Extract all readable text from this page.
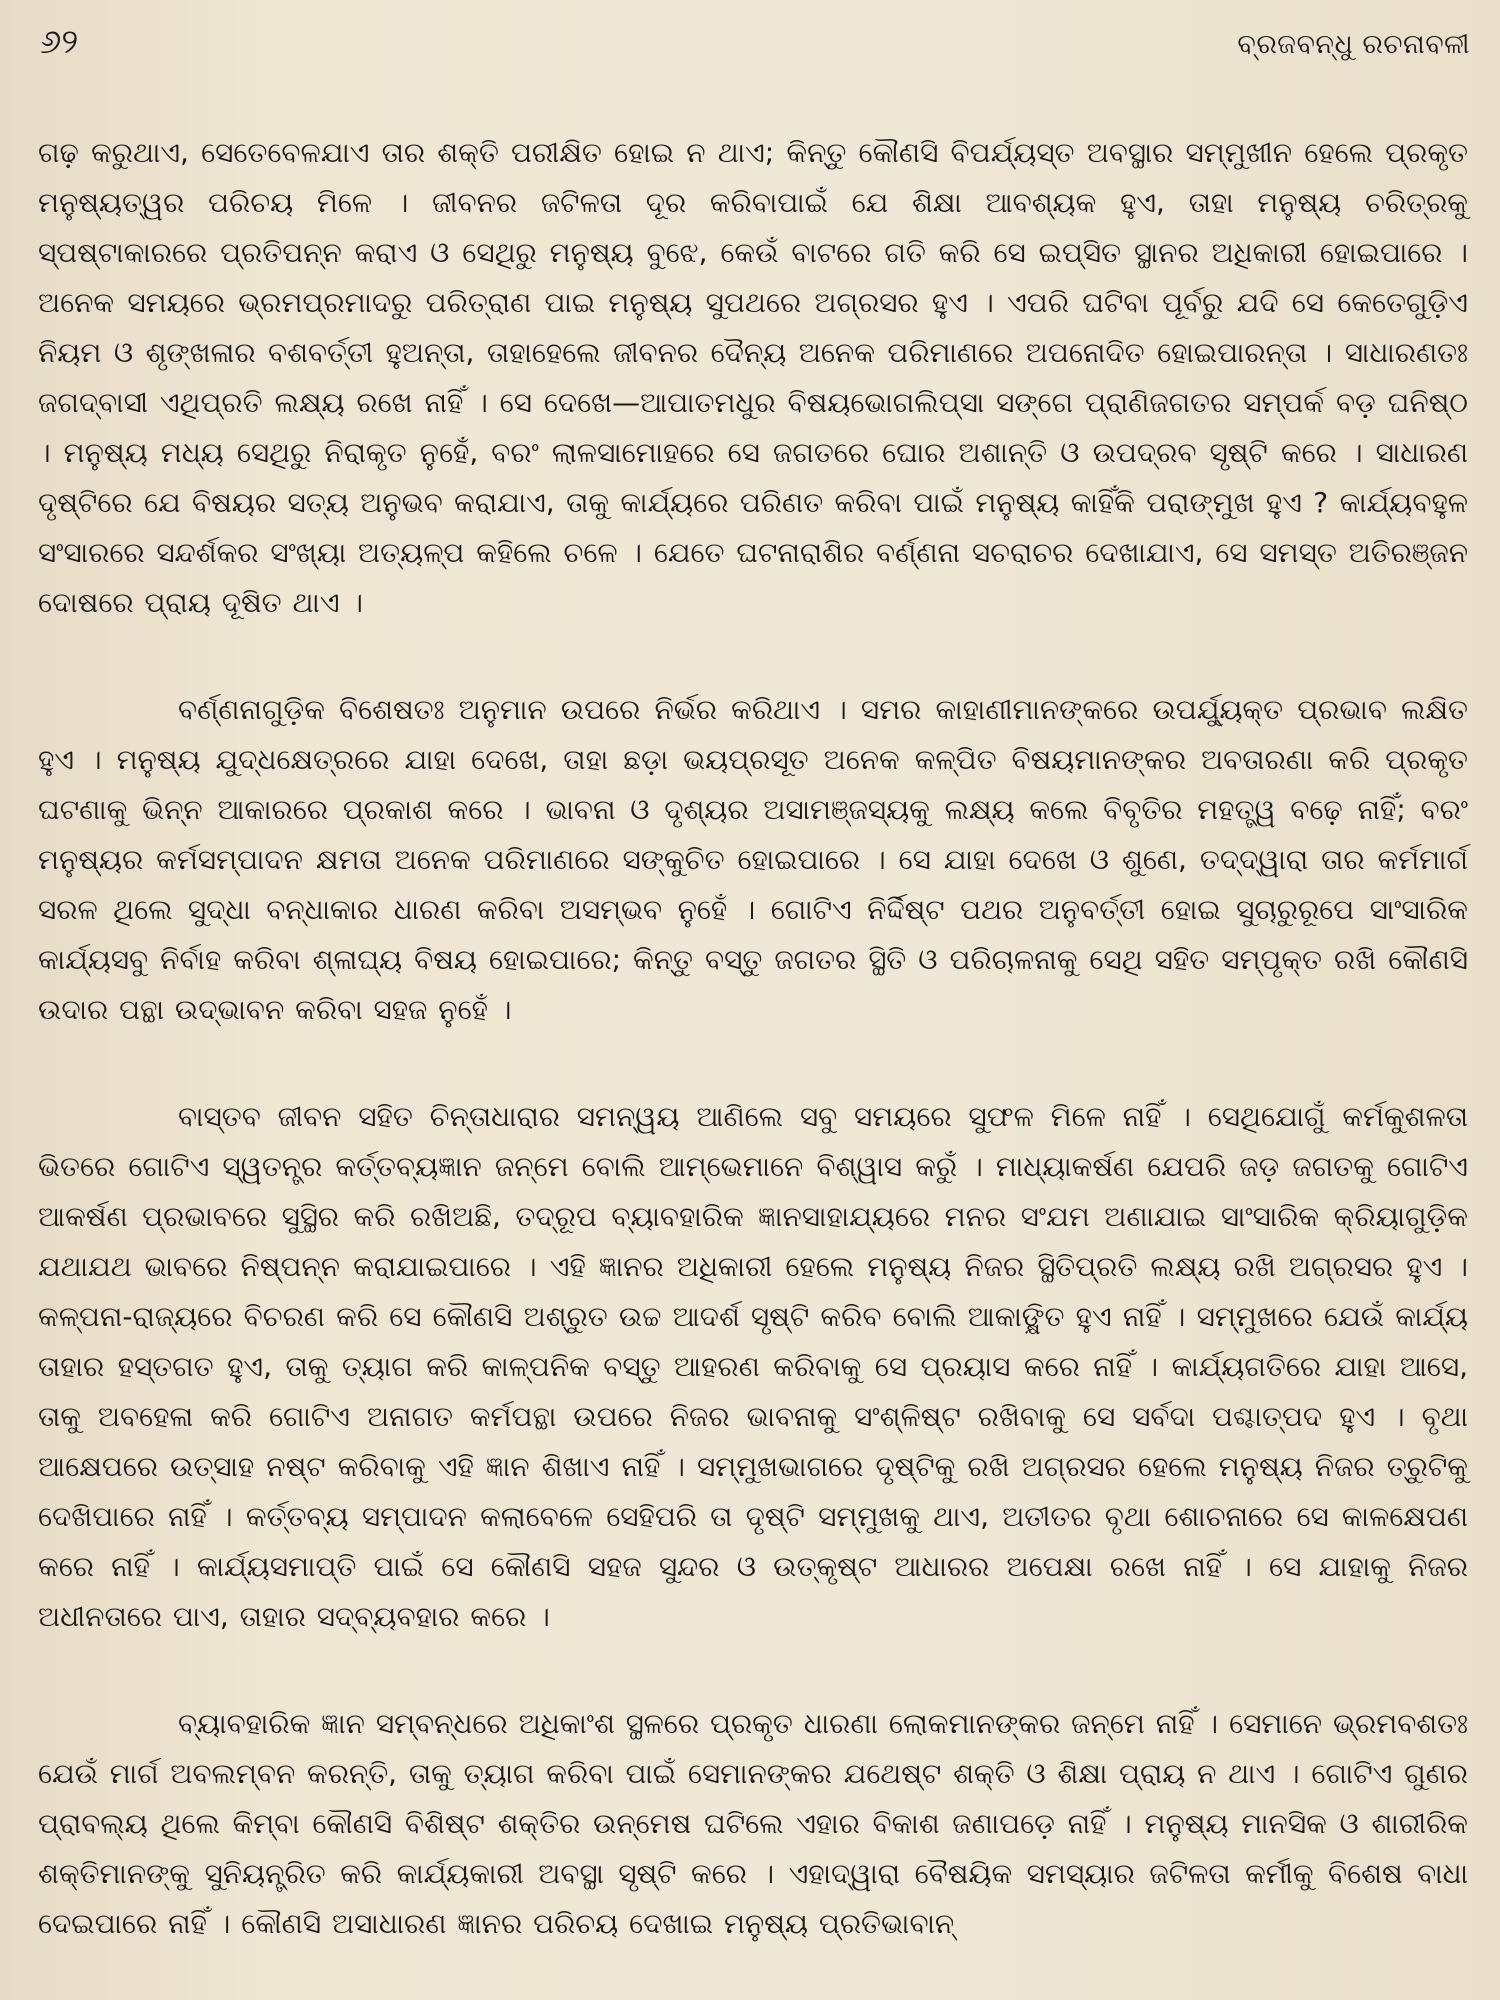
୬୨	ବ୍ରଜବନ୍ଧୁ ରଚନାବଳୀ

ଗଢ଼ କରୁଥାଏ, ସେତେବେଳଯାଏ ତାର ଶକ୍ତି ପରୀକ୍ଷିତ ହୋଇ ନ ଥାଏ; କିନ୍ତୁ କୌଣସି ବିପର୍ଯ୍ୟସ୍ତ ଅବସ୍ଥାର ସମ୍ମୁଖୀନ ହେଲେ ପ୍ରକୃତ ମନୁଷ୍ୟତ୍ୱର ପରିଚୟ ମିଳେ । ଜୀବନର ଜଟିଳତା ଦୂର କରିବାପାଇଁ ଯେ ଶିକ୍ଷା ଆବଶ୍ୟକ ହୁଏ, ତାହା ମନୁଷ୍ୟ ଚରିତ୍ରକୁ ସ୍ପଷ୍ଟାକାରରେ ପ୍ରତିପନ୍ନ କରାଏ ଓ ସେଥିରୁ ମନୁଷ୍ୟ ବୁଝେ, କେଉଁ ବାଟରେ ଗତି କରି ସେ ଇପ୍‌ସିତ ସ୍ଥାନର ଅଧିକାରୀ ହୋଇପାରେ । ଅନେକ ସମୟରେ ଭ୍ରମପ୍ରମାଦରୁ ପରିତ୍ରାଣ ପାଇ ମନୁଷ୍ୟ ସୁପଥରେ ଅଗ୍ରସର ହୁଏ । ଏପରି ଘଟିବା ପୂର୍ବରୁ ଯଦି ସେ କେତେଗୁଡ଼ିଏ ନିୟମ ଓ ଶୃଙ୍ଖଳାର ବଶବର୍ତ୍ତୀ ହୁଅନ୍ତା, ତାହାହେଲେ ଜୀବନର ଦୈନ୍ୟ ଅନେକ ପରିମାଣରେ ଅପନୋଦିତ ହୋଇପାରନ୍ତା । ସାଧାରଣତଃ ଜଗଦ୍‌ବାସୀ ଏଥିପ୍ରତି ଲକ୍ଷ୍ୟ ରଖେ ନାହିଁ । ସେ ଦେଖେ—ଆପାତମଧୁର ବିଷୟଭୋଗଲିପ୍‌ସା ସଙ୍ଗେ ପ୍ରାଣିଜଗତର ସମ୍ପର୍କ ବଡ଼ ଘନିଷ୍ଠ । ମନୁଷ୍ୟ ମଧ୍ୟ ସେଥିରୁ ନିରାକୃତ ନୁହେଁ, ବରଂ ଲାଳସାମୋହରେ ସେ ଜଗତରେ ଘୋର ଅଶାନ୍ତି ଓ ଉପଦ୍ରବ ସୃଷ୍ଟି କରେ । ସାଧାରଣ ଦୃଷ୍ଟିରେ ଯେ ବିଷୟର ସତ୍ୟ ଅନୁଭବ କରାଯାଏ, ତାକୁ କାର୍ଯ୍ୟରେ ପରିଣତ କରିବା ପାଇଁ ମନୁଷ୍ୟ କାହିଁକି ପରାଙ୍ମୁଖ ହୁଏ ? କାର୍ଯ୍ୟବହୁଳ ସଂସାରରେ ସନ୍ଦର୍ଶକର ସଂଖ୍ୟା ଅତ୍ୟଳ୍ପ କହିଲେ ଚଳେ । ଯେତେ ଘଟନାରାଶିର ବର୍ଣ୍ଣନା ସଚରାଚର ଦେଖାଯାଏ, ସେ ସମସ୍ତ ଅତିରଞ୍ଜନ ଦୋଷରେ ପ୍ରାୟ ଦୂଷିତ ଥାଏ ।

ବର୍ଣ୍ଣନାଗୁଡ଼ିକ ବିଶେଷତଃ ଅନୁମାନ ଉପରେ ନିର୍ଭର କରିଥାଏ । ସମର କାହାଣୀମାନଙ୍କରେ ଉପର୍ଯ୍ୟୁକ୍ତ ପ୍ରଭାବ ଲକ୍ଷିତ ହୁଏ । ମନୁଷ୍ୟ ଯୁଦ୍ଧକ୍ଷେତ୍ରରେ ଯାହା ଦେଖେ, ତାହା ଛଡ଼ା ଭୟପ୍ରସୂତ ଅନେକ କଳ୍ପିତ ବିଷୟମାନଙ୍କର ଅବତାରଣା କରି ପ୍ରକୃତ ଘଟଣାକୁ ଭିନ୍ନ ଆକାରରେ ପ୍ରକାଶ କରେ । ଭାବନା ଓ ଦୃଶ୍ୟର ଅସାମଞ୍ଜସ୍ୟକୁ ଲକ୍ଷ୍ୟ କଲେ ବିବୃତିର ମହତ୍ତ୍ୱ ବଢ଼େ ନାହିଁ; ବରଂ ମନୁଷ୍ୟର କର୍ମସମ୍ପାଦନ କ୍ଷମତା ଅନେକ ପରିମାଣରେ ସଙ୍କୁଚିତ ହୋଇପାରେ । ସେ ଯାହା ଦେଖେ ଓ ଶୁଣେ, ତଦ୍‌ଦ୍ୱାରା ତାର କର୍ମମାର୍ଗ ସରଳ ଥିଲେ ସୁଦ୍ଧା ବନ୍ଧାକାର ଧାରଣ କରିବା ଅସମ୍ଭବ ନୁହେଁ । ଗୋଟିଏ ନିର୍ଦ୍ଦିଷ୍ଟ ପଥର ଅନୁବର୍ତ୍ତୀ ହୋଇ ସୁଚାରୁରୂପେ ସାଂସାରିକ କାର୍ଯ୍ୟସବୁ ନିର୍ବାହ କରିବା ଶ୍ଳାଘ୍ୟ ବିଷୟ ହୋଇପାରେ; କିନ୍ତୁ ବସ୍ତୁ ଜଗତର ସ୍ଥିତି ଓ ପରିଚାଳନାକୁ ସେଥି ସହିତ ସମ୍ପୃକ୍ତ ରଖି କୌଣସି ଉଦାର ପନ୍ଥା ଉଦ୍ଭାବନ କରିବା ସହଜ ନୁହେଁ ।

ବାସ୍ତବ ଜୀବନ ସହିତ ଚିନ୍ତାଧାରାର ସମନ୍ୱୟ ଆଣିଲେ ସବୁ ସମୟରେ ସୁଫଳ ମିଳେ ନାହିଁ । ସେଥିଯୋଗୁଁ କର୍ମକୁଶଳତା ଭିତରେ ଗୋଟିଏ ସ୍ୱତନ୍ତ୍ର କର୍ତ୍ତବ୍ୟଜ୍ଞାନ ଜନ୍ମେ ବୋଲି ଆମ୍ଭେମାନେ ବିଶ୍ୱାସ କରୁଁ । ମାଧ୍ୟାକର୍ଷଣ ଯେପରି ଜଡ଼ ଜଗତକୁ ଗୋଟିଏ ଆକର୍ଷଣ ପ୍ରଭାବରେ ସୁସ୍ଥିର କରି ରଖିଅଛି, ତଦ୍ରୂପ ବ୍ୟାବହାରିକ ଜ୍ଞାନସାହାଯ୍ୟରେ ମନର ସଂଯମ ଅଣାଯାଇ ସାଂସାରିକ କ୍ରିୟାଗୁଡ଼ିକ ଯଥାଯଥ ଭାବରେ ନିଷ୍ପନ୍ନ କରାଯାଇପାରେ । ଏହି ଜ୍ଞାନର ଅଧିକାରୀ ହେଲେ ମନୁଷ୍ୟ ନିଜର ସ୍ଥିତିପ୍ରତି ଲକ୍ଷ୍ୟ ରଖି ଅଗ୍ରସର ହୁଏ । କଳ୍ପନା-ରାଜ୍ୟରେ ବିଚରଣ କରି ସେ କୌଣସି ଅଶ୍ରୁତ ଉଚ୍ଚ ଆଦର୍ଶ ସୃଷ୍ଟି କରିବ ବୋଲି ଆକାଙ୍କ୍ଷିତ ହୁଏ ନାହିଁ । ସମ୍ମୁଖରେ ଯେଉଁ କାର୍ଯ୍ୟ ତାହାର ହସ୍ତଗତ ହୁଏ, ତାକୁ ତ୍ୟାଗ କରି କାଳ୍ପନିକ ବସ୍ତୁ ଆହରଣ କରିବାକୁ ସେ ପ୍ରୟାସ କରେ ନାହିଁ । କାର୍ଯ୍ୟଗତିରେ ଯାହା ଆସେ, ତାକୁ ଅବହେଳା କରି ଗୋଟିଏ ଅନାଗତ କର୍ମପନ୍ଥା ଉପରେ ନିଜର ଭାବନାକୁ ସଂଶ୍ଳିଷ୍ଟ ରଖିବାକୁ ସେ ସର୍ବଦା ପଶ୍ଚାତ୍ପଦ ହୁଏ । ବୃଥା ଆକ୍ଷେପରେ ଉତ୍ସାହ ନଷ୍ଟ କରିବାକୁ ଏହି ଜ୍ଞାନ ଶିଖାଏ ନାହିଁ । ସମ୍ମୁଖଭାଗରେ ଦୃଷ୍ଟିକୁ ରଖି ଅଗ୍ରସର ହେଲେ ମନୁଷ୍ୟ ନିଜର ତ୍ରୁଟିକୁ ଦେଖିପାରେ ନାହିଁ । କର୍ତ୍ତବ୍ୟ ସମ୍ପାଦନ କଲାବେଳେ ସେହିପରି ତା ଦୃଷ୍ଟି ସମ୍ମୁଖକୁ ଥାଏ, ଅତୀତର ବୃଥା ଶୋଚନାରେ ସେ କାଳକ୍ଷେପଣ କରେ ନାହିଁ । କାର୍ଯ୍ୟସମାପ୍ତି ପାଇଁ ସେ କୌଣସି ସହଜ ସୁନ୍ଦର ଓ ଉତ୍କୃଷ୍ଟ ଆଧାରର ଅପେକ୍ଷା ରଖେ ନାହିଁ । ସେ ଯାହାକୁ ନିଜର ଅଧୀନତାରେ ପାଏ, ତାହାର ସଦ୍‌ବ୍ୟବହାର କରେ ।

ବ୍ୟାବହାରିକ ଜ୍ଞାନ ସମ୍ବନ୍ଧରେ ଅଧିକାଂଶ ସ୍ଥଳରେ ପ୍ରକୃତ ଧାରଣା ଲୋକମାନଙ୍କର ଜନ୍ମେ ନାହିଁ । ସେମାନେ ଭ୍ରମବଶତଃ ଯେଉଁ ମାର୍ଗ ଅବଲମ୍ବନ କରନ୍ତି, ତାକୁ ତ୍ୟାଗ କରିବା ପାଇଁ ସେମାନଙ୍କର ଯଥେଷ୍ଟ ଶକ୍ତି ଓ ଶିକ୍ଷା ପ୍ରାୟ ନ ଥାଏ । ଗୋଟିଏ ଗୁଣର ପ୍ରାବଲ୍ୟ ଥିଲେ କିମ୍ବା କୌଣସି ବିଶିଷ୍ଟ ଶକ୍ତିର ଉନ୍ମେଷ ଘଟିଲେ ଏହାର ବିକାଶ ଜଣାପଡ଼େ ନାହିଁ । ମନୁଷ୍ୟ ମାନସିକ ଓ ଶାରୀରିକ ଶକ୍ତିମାନଙ୍କୁ ସୁନିୟନ୍ତ୍ରିତ କରି କାର୍ଯ୍ୟକାରୀ ଅବସ୍ଥା ସୃଷ୍ଟି କରେ । ଏହାଦ୍ୱାରା ବୈଷୟିକ ସମସ୍ୟାର ଜଟିଳତା କର୍ମୀକୁ ବିଶେଷ ବାଧା ଦେଇପାରେ ନାହିଁ । କୌଣସି ଅସାଧାରଣ ଜ୍ଞାନର ପରିଚୟ ଦେଖାଇ ମନୁଷ୍ୟ ପ୍ରତିଭାବାନ୍
